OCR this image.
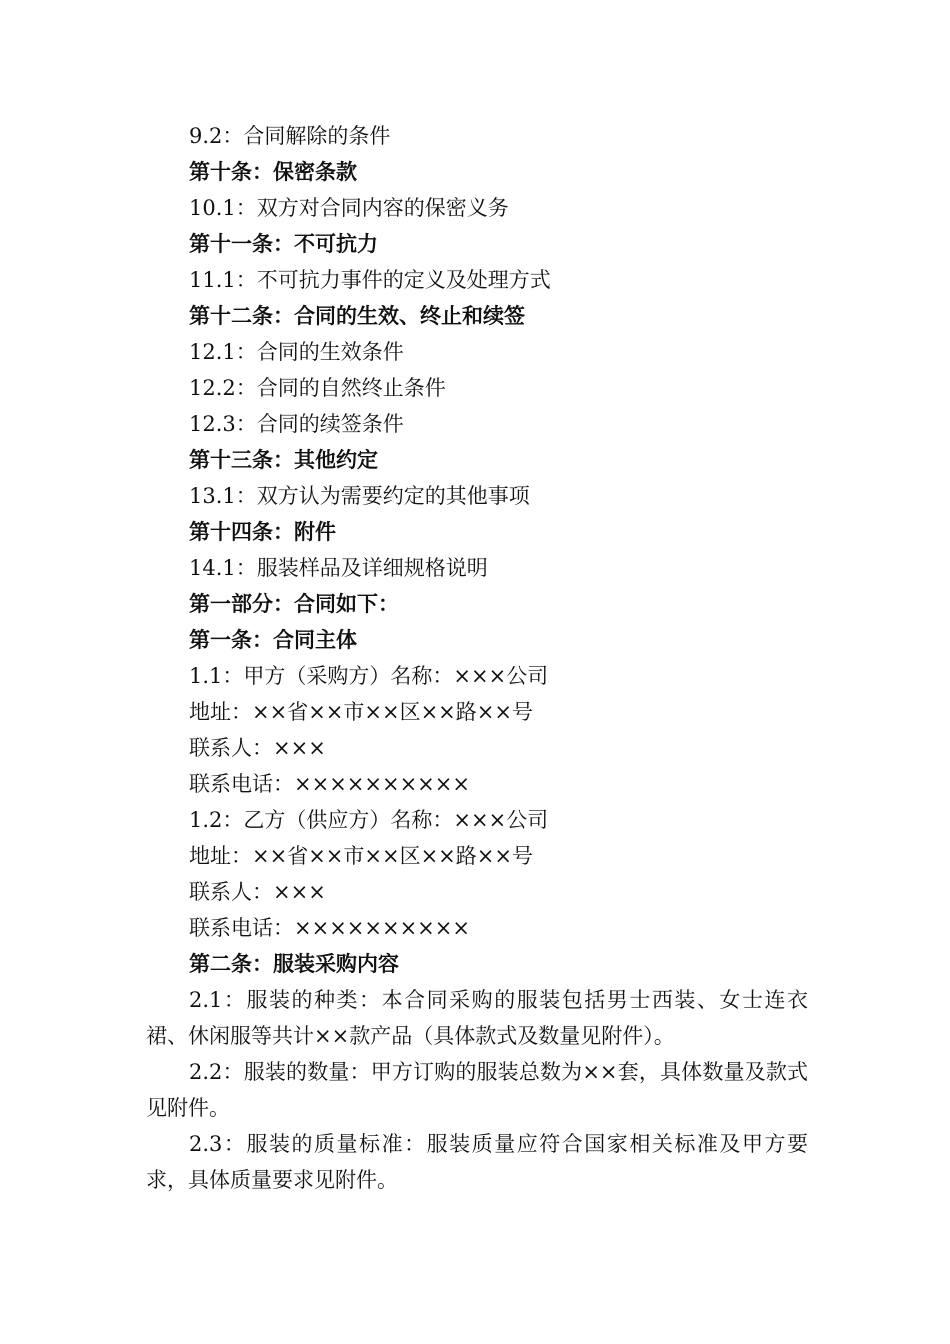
9.2：合同解除的条件
第十条：保密条款
10.1：双方对合同内容的保密义务
第十一条：不可抗力
11.1：不可抗力事件的定义及处理方式
第十二条：合同的生效、终止和续签
12.1：合同的生效条件
12.2：合同的自然终止条件
12.3：合同的续签条件
第十三条：其他约定
13.1：双方认为需要约定的其他事项
第十四条：附件
14.1：服装样品及详细规格说明
第一部分：合同如下：
第一条：合同主体
1.1：甲方（采购方）名称：×××公司
地址：××省××市××区××路××号
联系人：×××
联系电话：××××××××××
1.2：乙方（供应方）名称：×××公司
地址：××省××市××区××路××号
联系人：×××
联系电话：××××××××××
第二条：服装采购内容
2.1：服装的种类：本合同采购的服装包括男士西装、女士连衣裙、休闲服等共计××款产品（具体款式及数量见附件）。
2.2：服装的数量：甲方订购的服装总数为××套，具体数量及款式见附件。
2.3：服装的质量标准：服装质量应符合国家相关标准及甲方要求，具体质量要求见附件。
